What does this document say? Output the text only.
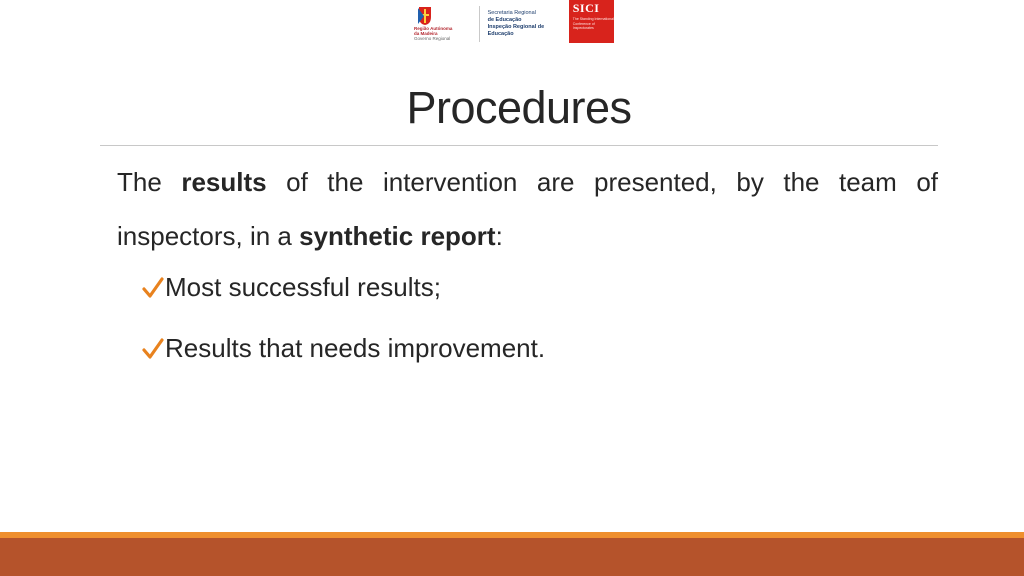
Região Autónoma
da Madeira
Governo Regional
Secretaria Regional
de Educação
Inspeção Regional de Educação
SICI
The Standing International Conference of Inspectorates
Procedures

The results of the intervention are presented, by the team of inspectors, in a synthetic report:

Most successful results;
Results that needs improvement.
